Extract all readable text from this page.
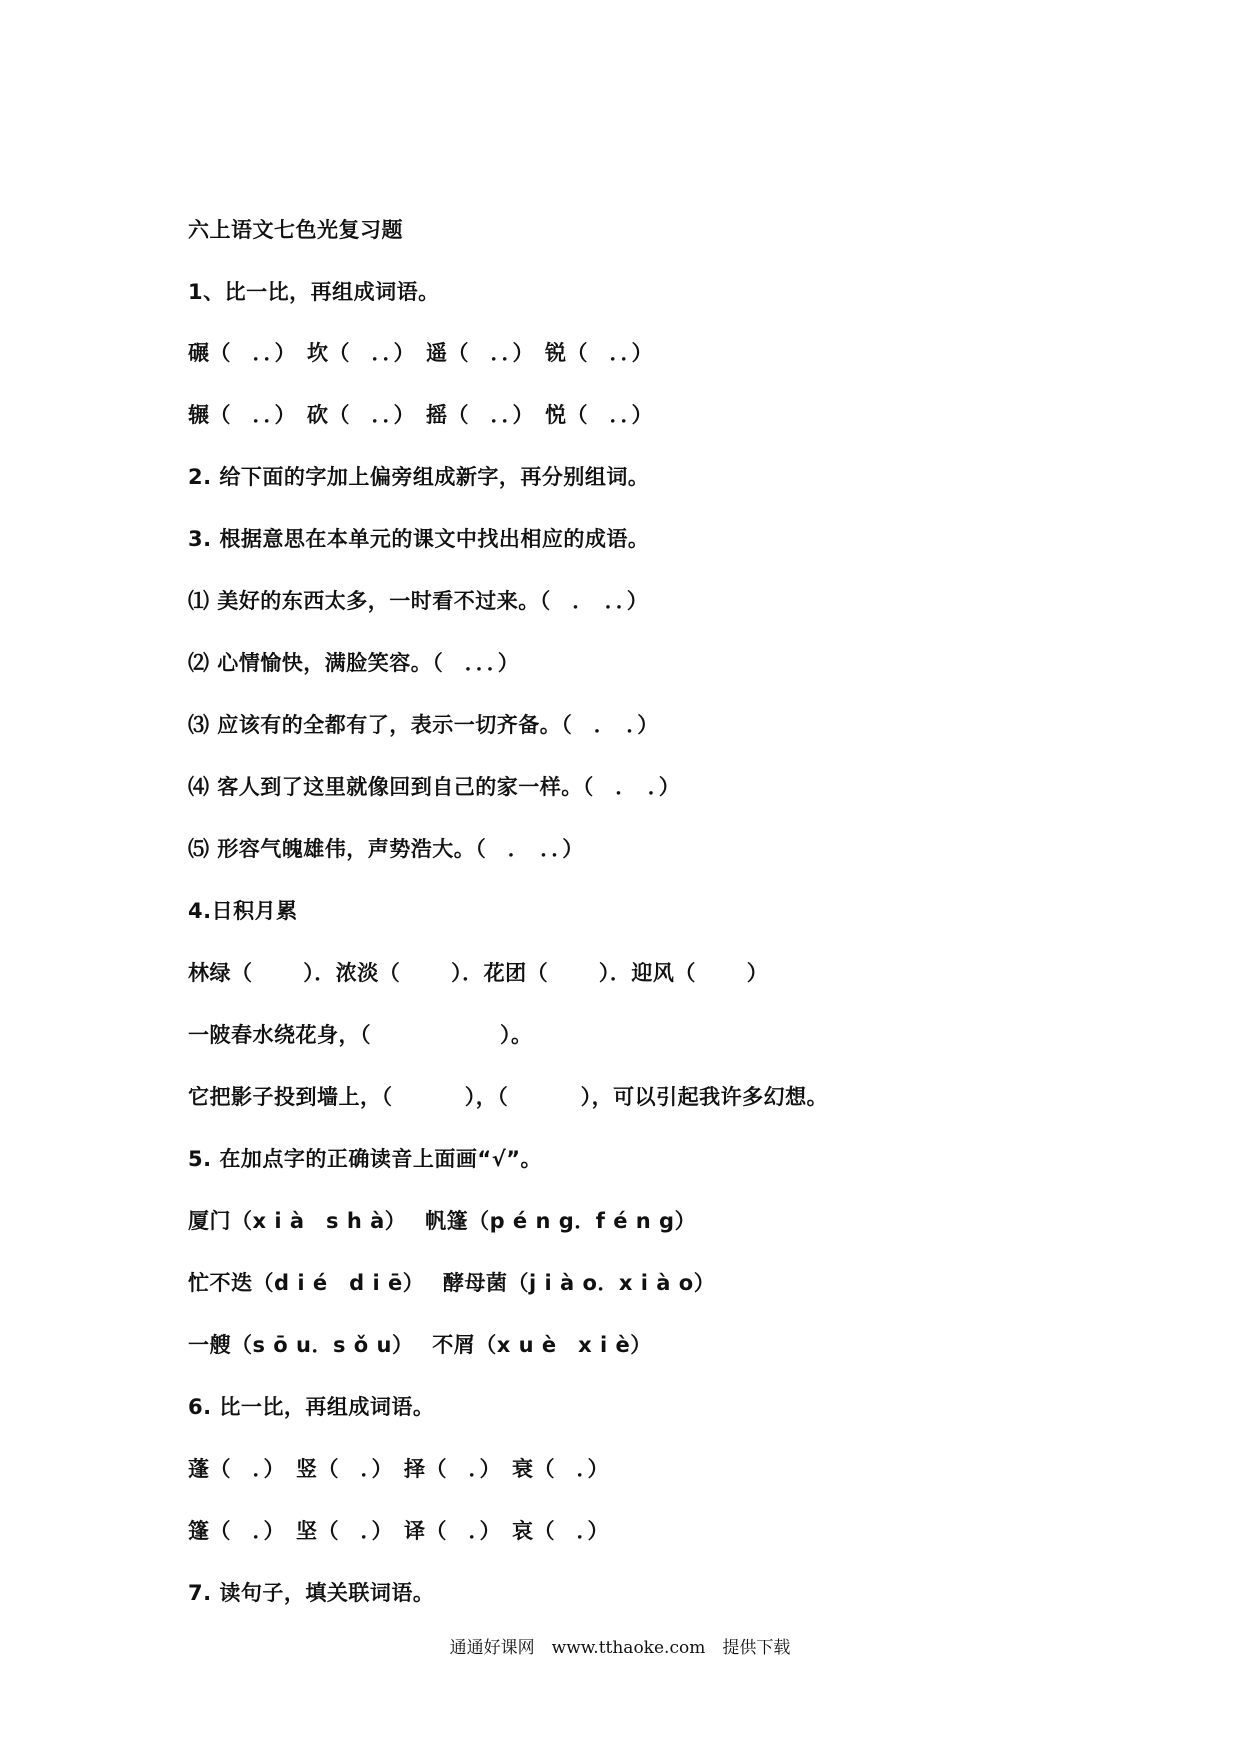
六上语文七色光复习题
1、比一比，再组成词语。
碾（　．．）　坎（　．．）　遥（　．．）　锐（　．．）
辗（　．．）　砍（　．．）　摇（　．．）　悦（　．．）
2. 给下面的字加上偏旁组成新字，再分别组词。
3. 根据意思在本单元的课文中找出相应的成语。
⑴ 美好的东西太多，一时看不过来。（　．　．．）
⑵ 心情愉快，满脸笑容。（　．．．）
⑶ 应该有的全都有了，表示一切齐备。（　．　．）
⑷ 客人到了这里就像回到自己的家一样。（　．　．）
⑸ 形容气魄雄伟，声势浩大。（　．　．．）
4.日积月累
林绿（　　 ）．浓淡（　　 ）．花团（　　 ）．迎风（　　 ）
一陂春水绕花身，（　　　　　　）。
它把影子投到墙上，（　　　 ），（　　　 ），可以引起我许多幻想。
5. 在加点字的正确读音上面画“√”。
厦门（x i à　s h à）　 帆篷（p é n g．f é n g）
忙不迭（d i é　d i ē）　 酵母菌（j i à o．x i à o）
一艘（s ō u．s ǒ u）　 不屑（x u è　x i è）
6. 比一比，再组成词语。
蓬（　．）　竖（　．）　择（　．）　衰（　．）
篷（　．）　坚（　．）　译（　．）　哀（　．）
7. 读句子，填关联词语。
通通好课网　www.tthaoke.com　提供下载
